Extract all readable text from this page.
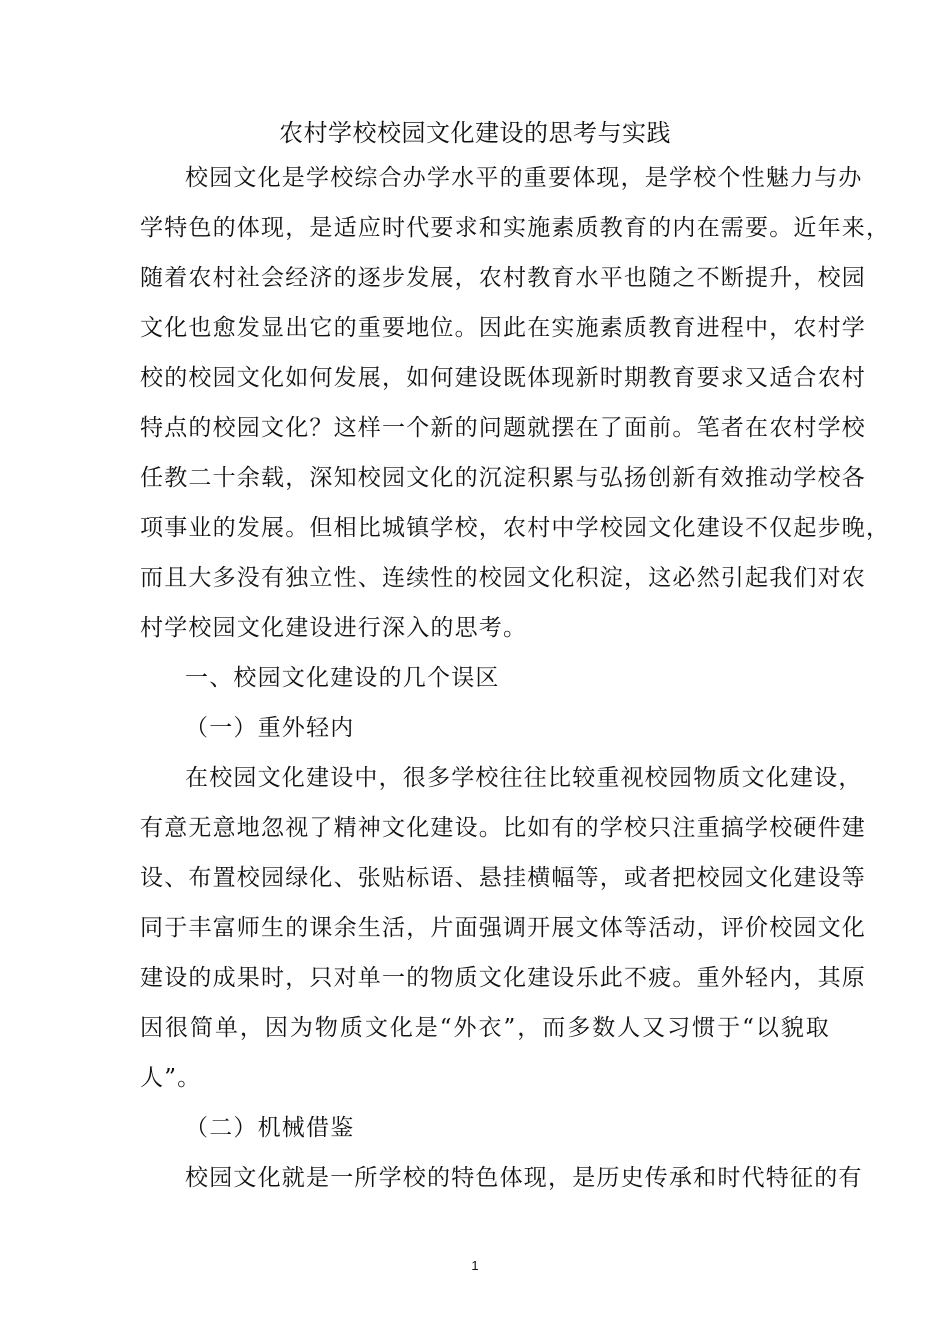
农村学校校园文化建设的思考与实践
校园文化是学校综合办学水平的重要体现，是学校个性魅力与办
学特色的体现，是适应时代要求和实施素质教育的内在需要。近年来，
随着农村社会经济的逐步发展，农村教育水平也随之不断提升，校园
文化也愈发显出它的重要地位。因此在实施素质教育进程中，农村学
校的校园文化如何发展，如何建设既体现新时期教育要求又适合农村
特点的校园文化？这样一个新的问题就摆在了面前。笔者在农村学校
任教二十余载，深知校园文化的沉淀积累与弘扬创新有效推动学校各
项事业的发展。但相比城镇学校，农村中学校园文化建设不仅起步晚，
而且大多没有独立性、连续性的校园文化积淀，这必然引起我们对农
村学校园文化建设进行深入的思考。
一、校园文化建设的几个误区
（一）重外轻内
在校园文化建设中，很多学校往往比较重视校园物质文化建设，
有意无意地忽视了精神文化建设。比如有的学校只注重搞学校硬件建
设、布置校园绿化、张贴标语、悬挂横幅等，或者把校园文化建设等
同于丰富师生的课余生活，片面强调开展文体等活动，评价校园文化
建设的成果时，只对单一的物质文化建设乐此不疲。重外轻内，其原
因很简单，因为物质文化是“外衣”，而多数人又习惯于“以貌取
人”。
（二）机械借鉴
校园文化就是一所学校的特色体现，是历史传承和时代特征的有
1
